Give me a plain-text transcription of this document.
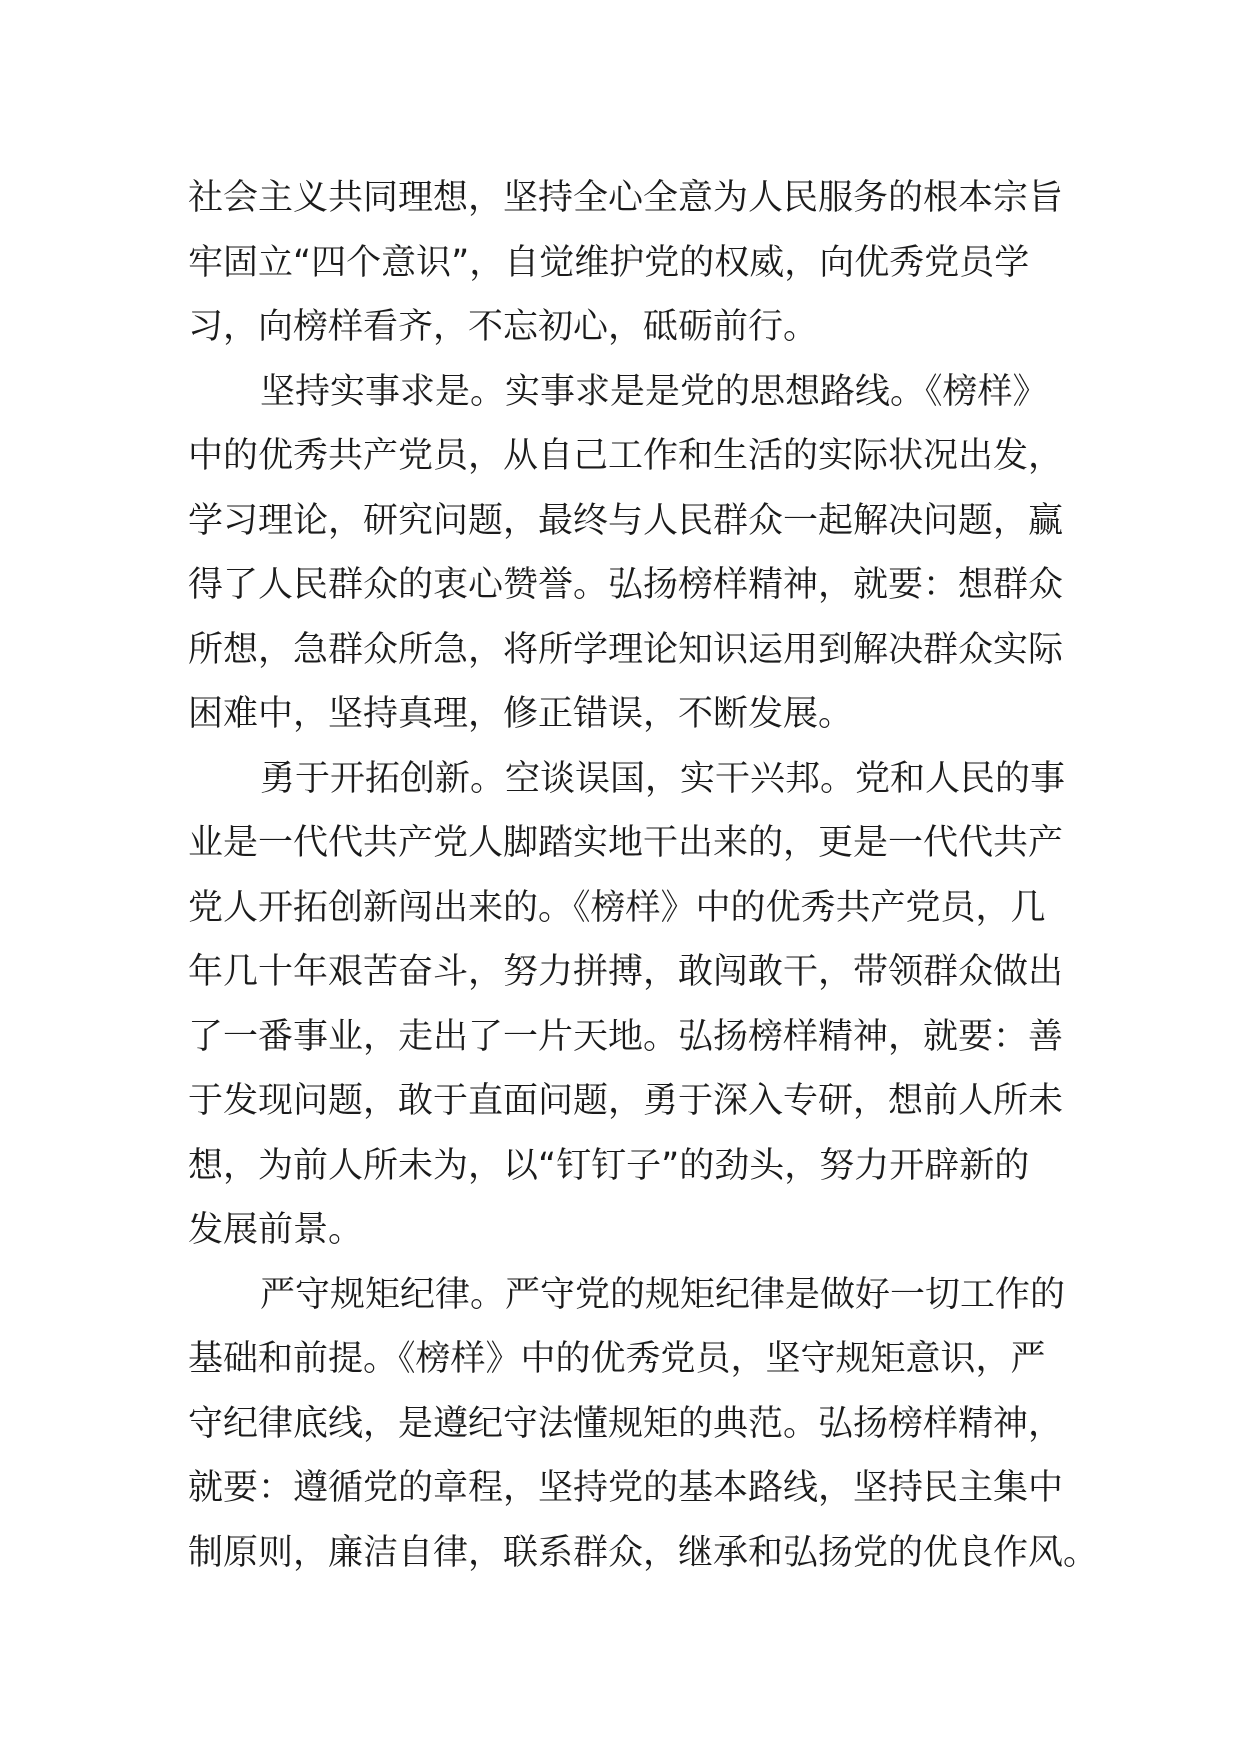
社会主义共同理想，坚持全心全意为人民服务的根本宗旨
牢固立“四个意识”，自觉维护党的权威，向优秀党员学
习，向榜样看齐，不忘初心，砥砺前行。
坚持实事求是。实事求是是党的思想路线。《榜样》
中的优秀共产党员，从自己工作和生活的实际状况出发，
学习理论，研究问题，最终与人民群众一起解决问题，赢
得了人民群众的衷心赞誉。弘扬榜样精神，就要：想群众
所想，急群众所急，将所学理论知识运用到解决群众实际
困难中，坚持真理，修正错误，不断发展。
勇于开拓创新。空谈误国，实干兴邦。党和人民的事
业是一代代共产党人脚踏实地干出来的，更是一代代共产
党人开拓创新闯出来的。《榜样》中的优秀共产党员，几
年几十年艰苦奋斗，努力拼搏，敢闯敢干，带领群众做出
了一番事业，走出了一片天地。弘扬榜样精神，就要：善
于发现问题，敢于直面问题，勇于深入专研，想前人所未
想，为前人所未为，以“钉钉子”的劲头，努力开辟新的
发展前景。
严守规矩纪律。严守党的规矩纪律是做好一切工作的
基础和前提。《榜样》中的优秀党员，坚守规矩意识，严
守纪律底线，是遵纪守法懂规矩的典范。弘扬榜样精神，
就要：遵循党的章程，坚持党的基本路线，坚持民主集中
制原则，廉洁自律，联系群众，继承和弘扬党的优良作风。
